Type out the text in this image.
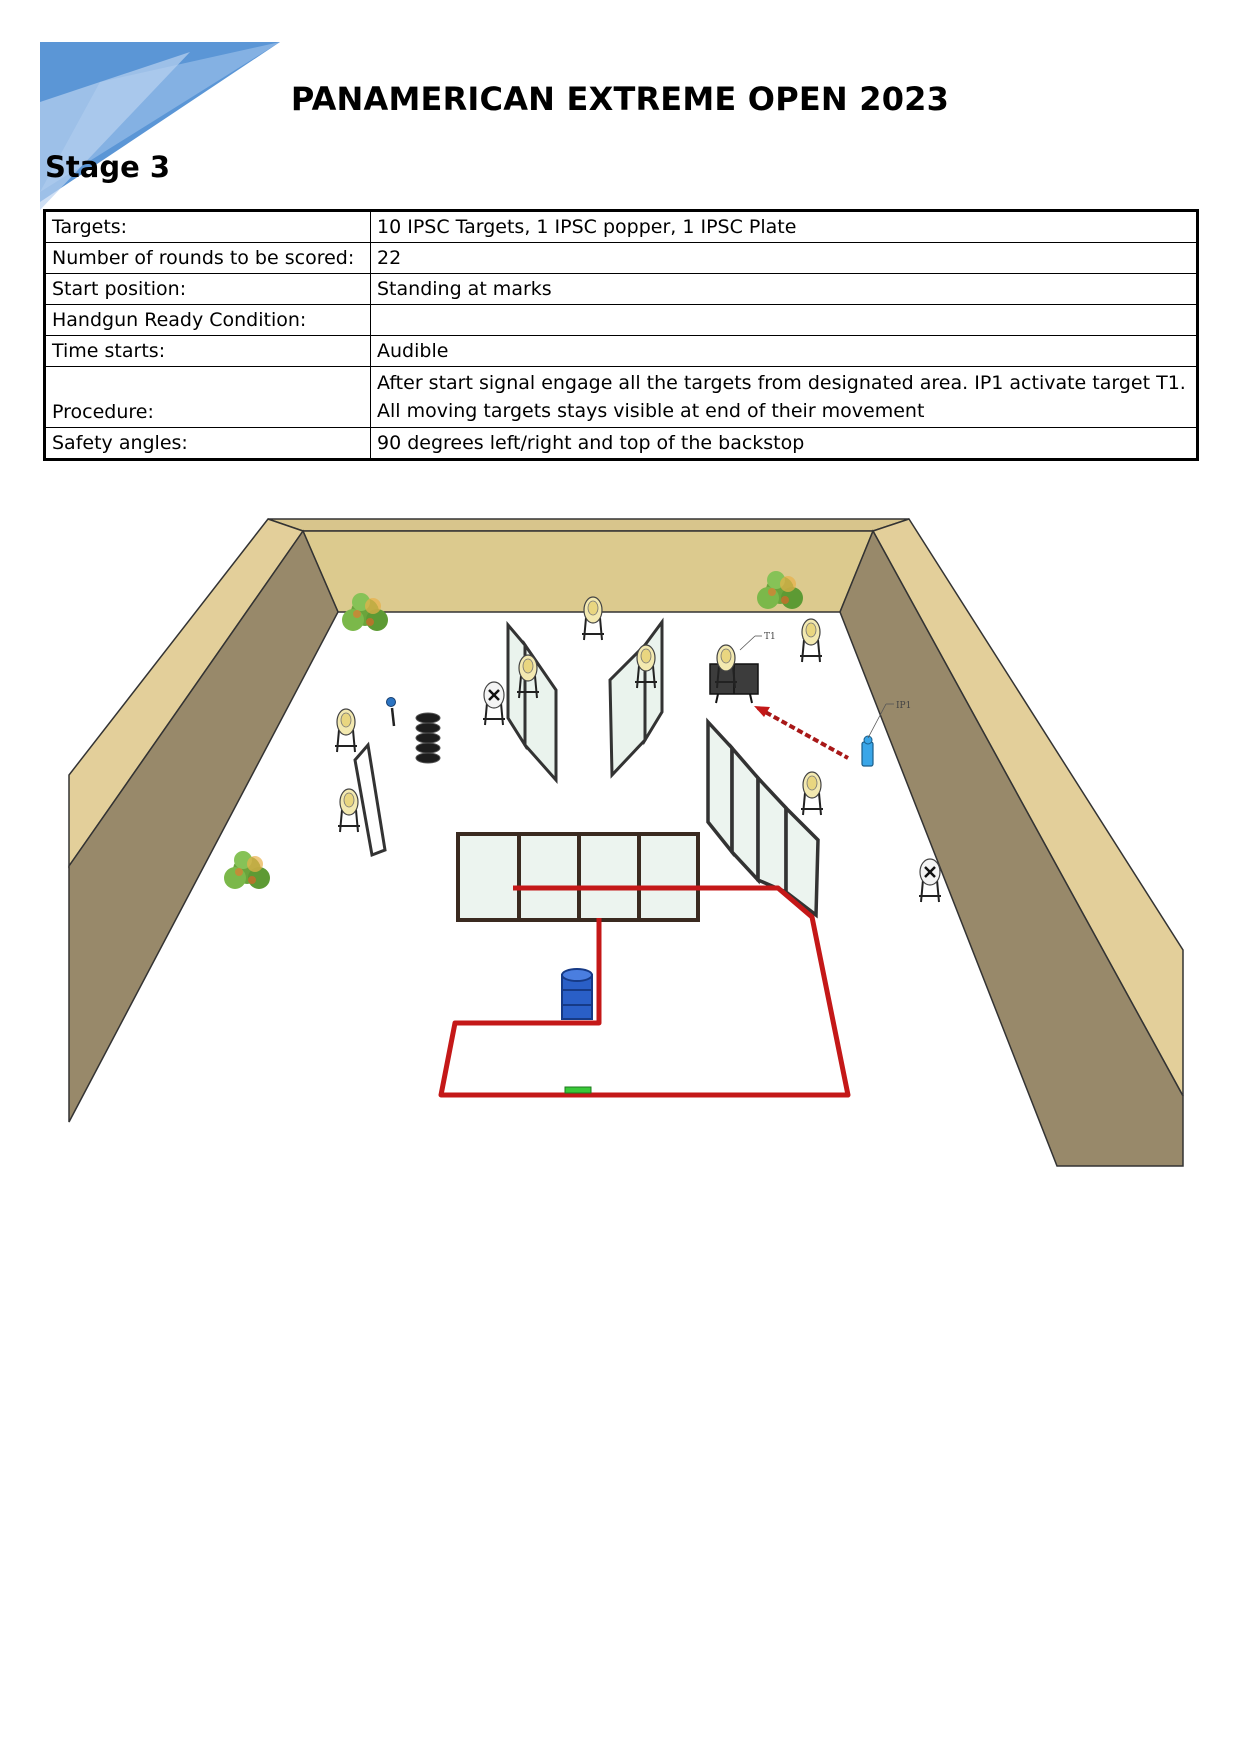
PANAMERICAN EXTREME OPEN 2023
Stage 3
Targets:	10 IPSC Targets, 1 IPSC popper, 1 IPSC Plate
Number of rounds to be scored:	22
Start position:	Standing at marks
Handgun Ready Condition:	
Time starts:	Audible
Procedure:	After start signal engage all the targets from designated area. IP1 activate target T1. All moving targets stays visible at end of their movement
Safety angles:	90 degrees left/right and top of the backstop
T1
IP1
